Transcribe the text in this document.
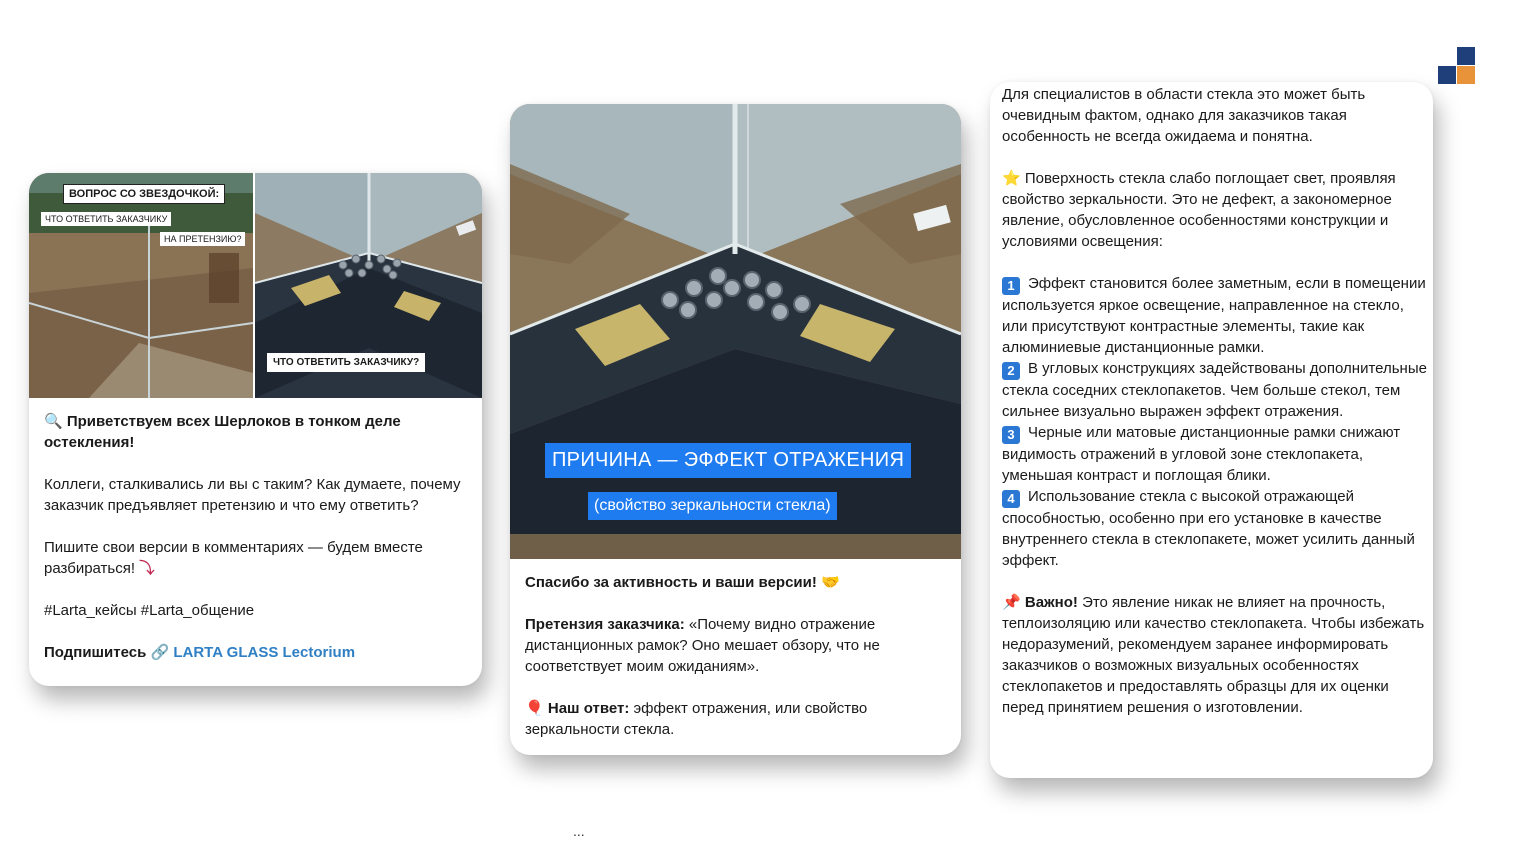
ВОПРОС СО ЗВЕЗДОЧКОЙ:
ЧТО ОТВЕТИТЬ ЗАКАЗЧИКУ
НА ПРЕТЕНЗИЮ?
ЧТО ОТВЕТИТЬ ЗАКАЗЧИКУ?

🔍 Приветствуем всех Шерлоков в тонком деле остекления!

Коллеги, сталкивались ли вы с таким? Как думаете, почему заказчик предъявляет претензию и что ему ответить?

Пишите свои версии в комментариях — будем вместе разбираться! ⤵

#Larta_кейсы #Larta_общение

Подпишитесь 🔗 LARTA GLASS Lectorium

ПРИЧИНА — ЭФФЕКТ ОТРАЖЕНИЯ
(свойство зеркальности стекла)

Спасибо за активность и ваши версии! 🤝

Претензия заказчика: «Почему видно отражение дистанционных рамок? Оно мешает обзору, что не соответствует моим ожиданиям».

🎈 Наш ответ: эффект отражения, или свойство зеркальности стекла.

Для специалистов в области стекла это может быть очевидным фактом, однако для заказчиков такая особенность не всегда ожидаема и понятна.

⭐ Поверхность стекла слабо поглощает свет, проявляя свойство зеркальности. Это не дефект, а закономерное явление, обусловленное особенностями конструкции и условиями освещения:

1 Эффект становится более заметным, если в помещении используется яркое освещение, направленное на стекло, или присутствуют контрастные элементы, такие как алюминиевые дистанционные рамки.
2 В угловых конструкциях задействованы дополнительные стекла соседних стеклопакетов. Чем больше стекол, тем сильнее визуально выражен эффект отражения.
3 Черные или матовые дистанционные рамки снижают видимость отражений в угловой зоне стеклопакета, уменьшая контраст и поглощая блики.
4 Использование стекла с высокой отражающей способностью, особенно при его установке в качестве внутреннего стекла в стеклопакете, может усилить данный эффект.

📌 Важно! Это явление никак не влияет на прочность, теплоизоляцию или качество стеклопакета. Чтобы избежать недоразумений, рекомендуем заранее информировать заказчиков о возможных визуальных особенностях стеклопакетов и предоставлять образцы для их оценки перед принятием решения о изготовлении.

...
